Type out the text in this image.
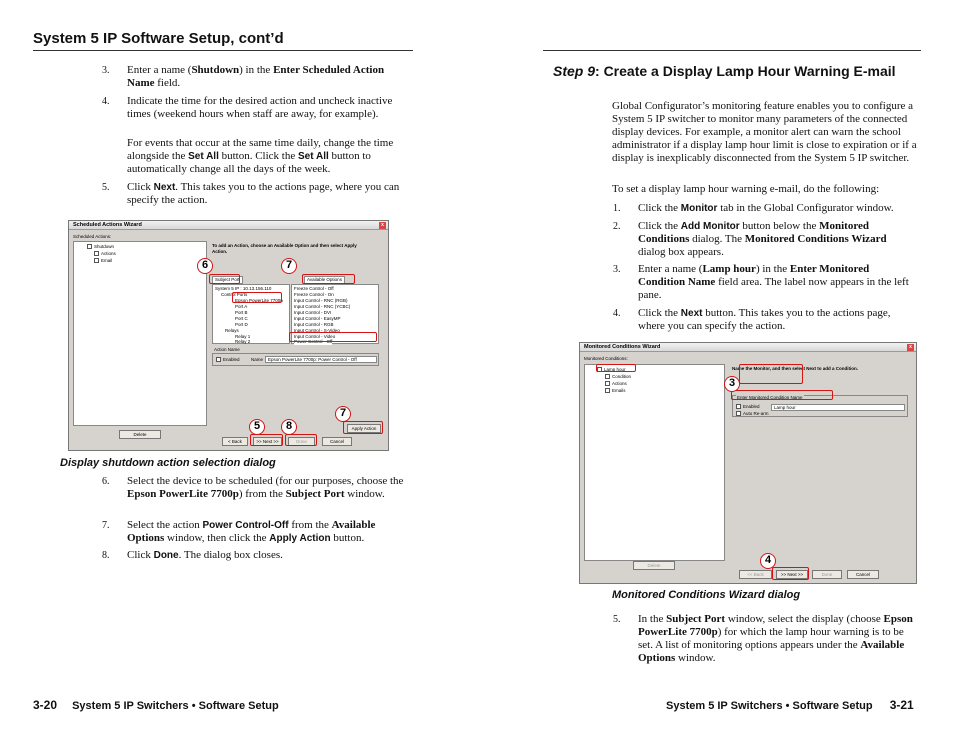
System 5 IP Software Setup, cont’d
3. Enter a name (Shutdown) in the Enter Scheduled Action
Name field.
4. Indicate the time for the desired action and uncheck inactive times (weekend hours when staff are away, for example).
For events that occur at the same time daily, change the time alongside the Set All button. Click the Set All button to automatically change all the days of the week.
5. Click Next. This takes you to the actions page, where you can specify the action.
Scheduled Actions Wizard	x
Scheduled Actions:
Shutdown
Actions
Email
Delete
To add an Action, choose an Available Option and then select Apply Action.
Subject Port	Available Options
System 5 IP : 10.13.156.110
Control Ports
Epson PowerLite 7700p
Port A
Port B
Port C
Port D
Relays
Relay 1
Relay 2
Freeze Control - Off
Freeze Control - On
Input Control - RNC (RGB)
Input Control - RNC (YCBC)
Input Control - DVI
Input Control - EasyMP
Input Control - RGB
Input Control - S-Video
Input Control - Video
Power Control - Off
Action Name
Enabled	Name	Epson PowerLite 7700p: Power Control - Off
Apply Action
< Back	>> Next >>	Done	Cancel
6	7
5	8
7
Display shutdown action selection dialog
6. Select the device to be scheduled (for our purposes, choose the Epson PowerLite 7700p) from the Subject Port window.
7. Select the action Power Control-Off from the Available Options window, then click the Apply Action button.
8. Click Done. The dialog box closes.
3-20 System 5 IP Switchers • Software Setup
Step 9: Create a Display Lamp Hour Warning E-mail
Global Configurator’s monitoring feature enables you to configure a System 5 IP switcher to monitor many parameters of the connected display devices. For example, a monitor alert can warn the school administrator if a display lamp hour limit is close to expiration or if a display is inexplicably disconnected from the System 5 IP switcher.
To set a display lamp hour warning e-mail, do the following:
1. Click the Monitor tab in the Global Configurator window.
2. Click the Add Monitor button below the Monitored Conditions dialog. The Monitored Conditions Wizard dialog box appears.
3. Enter a name (Lamp hour) in the Enter Monitored Condition Name field area. The label now appears in the left pane.
4. Click the Next button. This takes you to the actions page, where you can specify the action.
Monitored Conditions Wizard	x
Monitored Conditions:
Lamp hour
Condition
Actions
Emails
Delete
Name the Monitor, and then select Next to add a Condition.
Enter Monitored Condition Name
Enabled
Auto Re-arm
Lamp hour
<< Back	>> Next >>	Done	Cancel
3
4
Monitored Conditions Wizard dialog
5. In the Subject Port window, select the display (choose Epson PowerLite 7700p) for which the lamp hour warning is to be set. A list of monitoring options appears under the Available Options window.
System 5 IP Switchers • Software Setup 3-21
